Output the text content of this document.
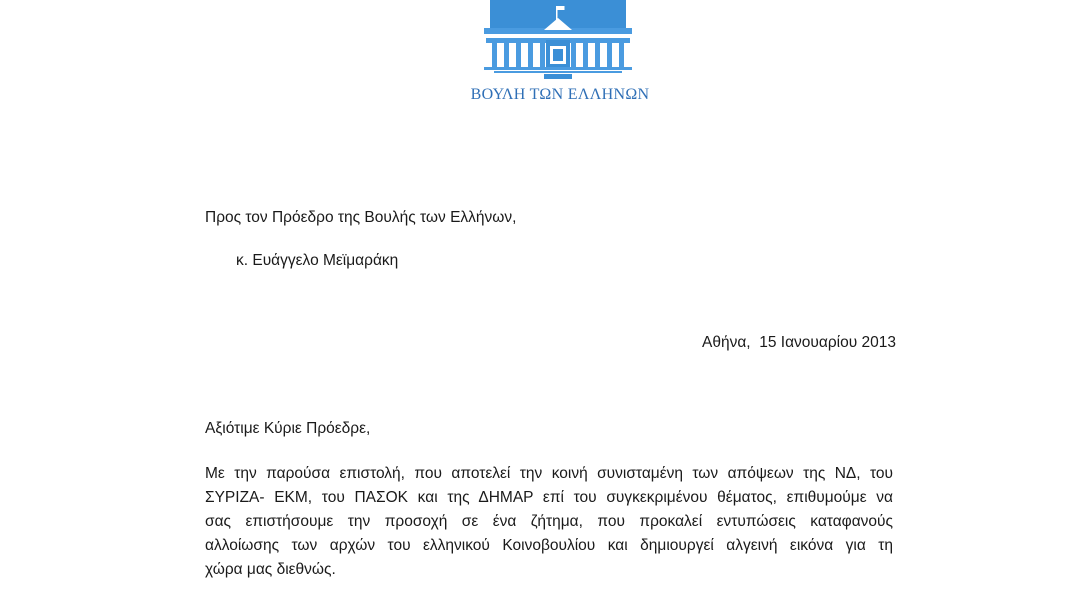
ΒΟΥΛΗ ΤΩΝ ΕΛΛΗΝΩΝ
Προς τον Πρόεδρο της Βουλής των Ελλήνων,
κ. Ευάγγελο Μεϊμαράκη
Αθήνα,  15 Ιανουαρίου 2013
Αξιότιμε Κύριε Πρόεδρε,
Με την παρούσα επιστολή, που αποτελεί την κοινή συνισταμένη των απόψεων της ΝΔ, του
ΣΥΡΙΖΑ- ΕΚΜ, του ΠΑΣΟΚ και της ΔΗΜΑΡ επί του συγκεκριμένου θέματος, επιθυμούμε να
σας επιστήσουμε την προσοχή σε ένα ζήτημα, που προκαλεί εντυπώσεις καταφανούς
αλλοίωσης των αρχών του ελληνικού Κοινοβουλίου και δημιουργεί αλγεινή εικόνα για τη
χώρα μας διεθνώς.
